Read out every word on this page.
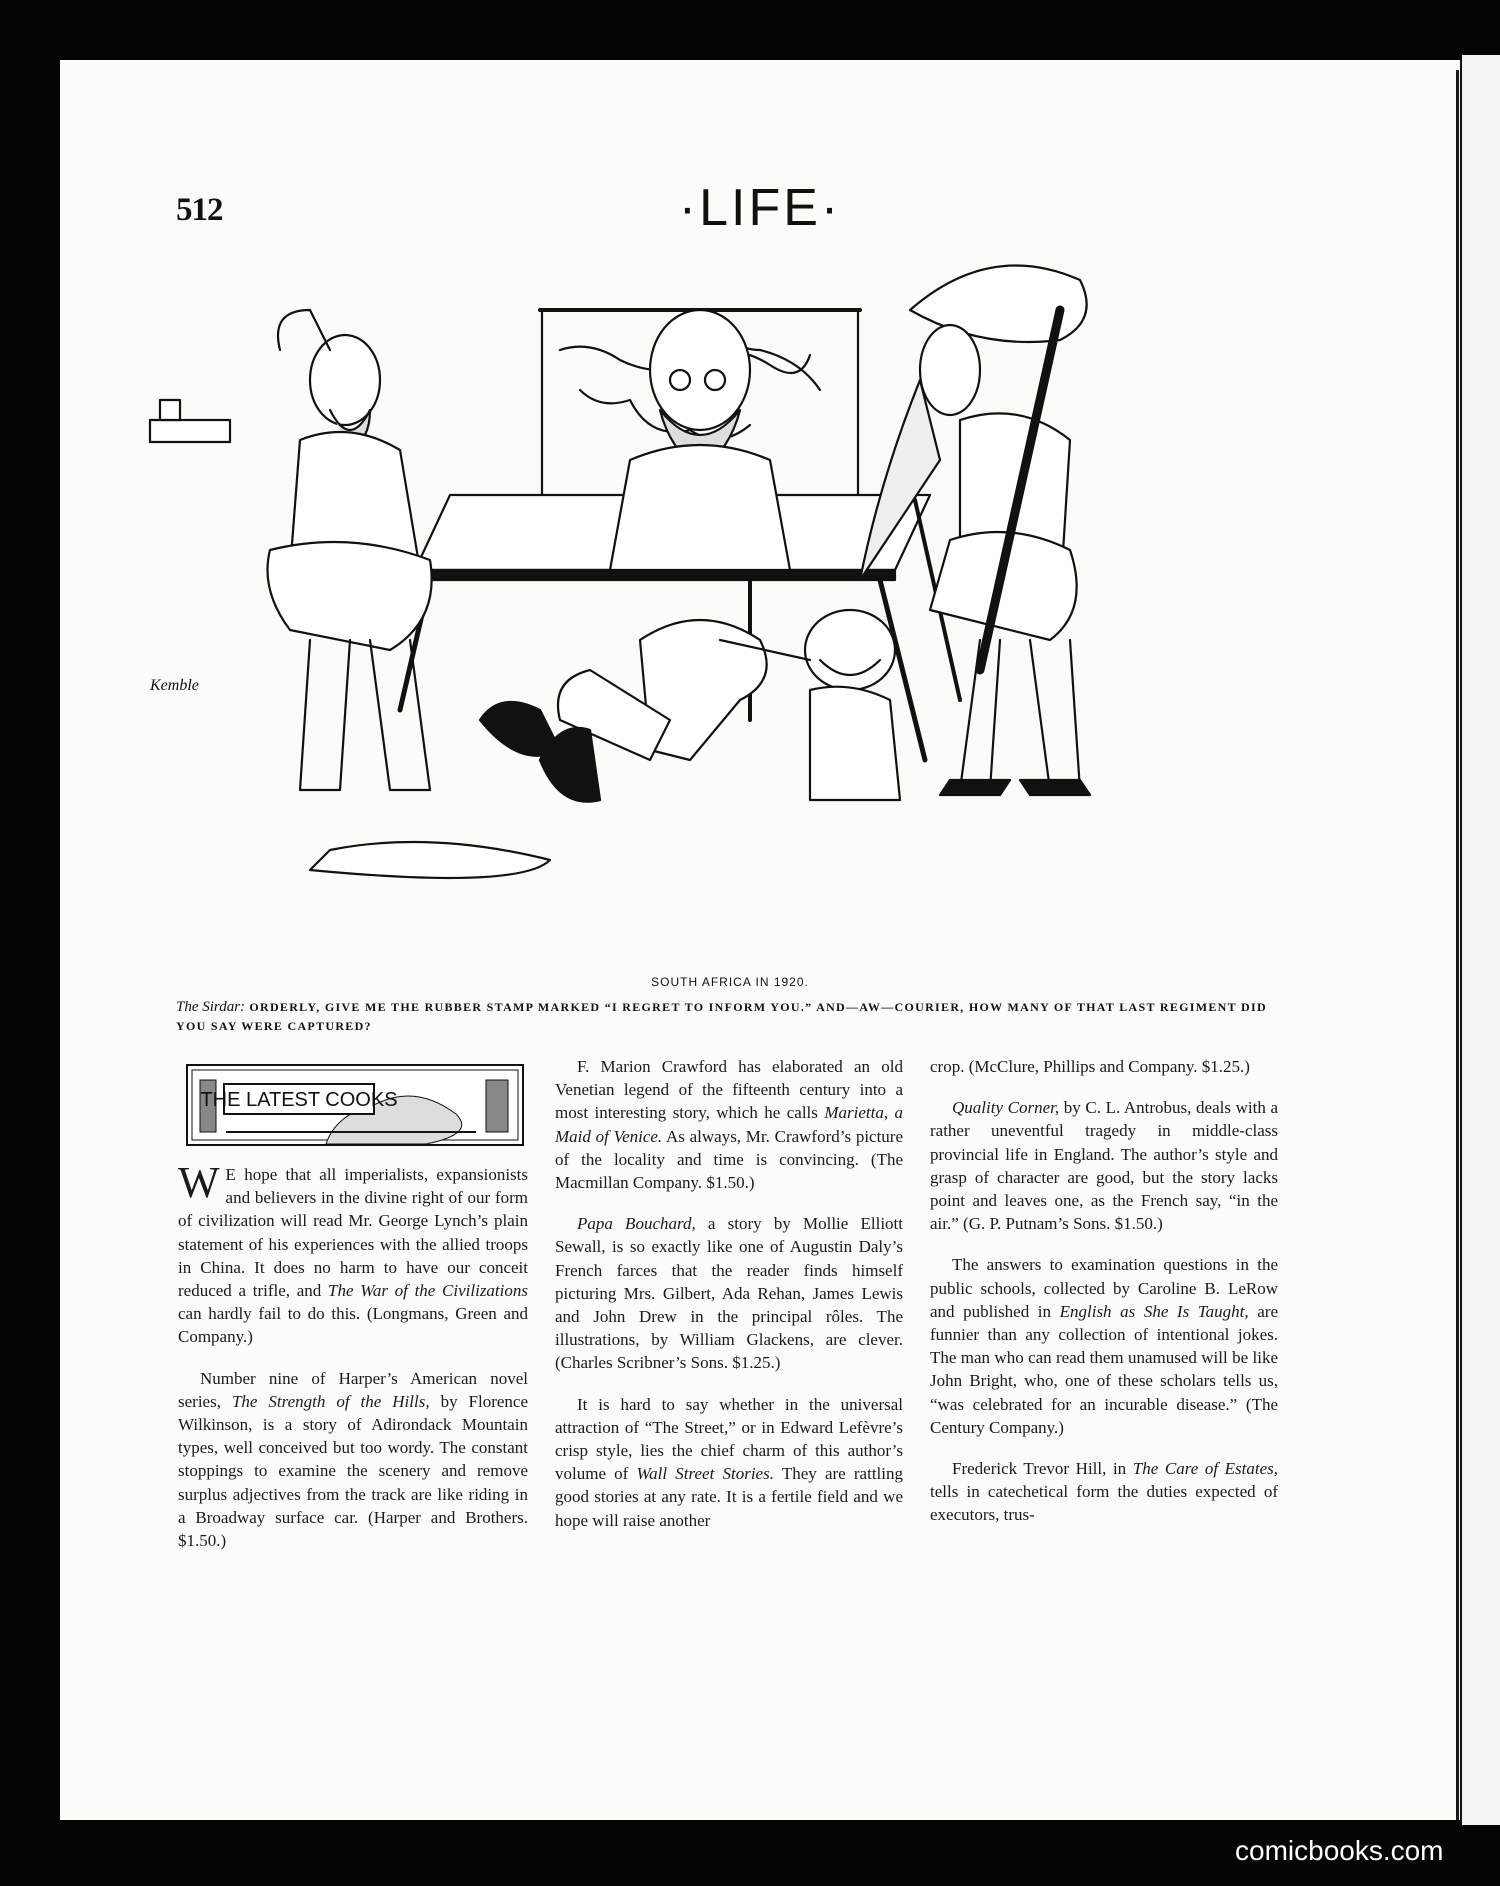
512	·LIFE·
Kemble
SOUTH AFRICA IN 1920.
The Sirdar: ORDERLY, GIVE ME THE RUBBER STAMP MARKED “I REGRET TO INFORM YOU.” AND—AW—COURIER, HOW MANY OF THAT LAST REGIMENT DID YOU SAY WERE CAPTURED?
THE LATEST COOKS

W E hope that all imperialists, expansionists and believers in the divine right of our form of civilization will read Mr. George Lynch’s plain statement of his experiences with the allied troops in China. It does no harm to have our conceit reduced a trifle, and The War of the Civilizations can hardly fail to do this. (Longmans, Green and Company.)

Number nine of Harper’s American novel series, The Strength of the Hills, by Florence Wilkinson, is a story of Adirondack Mountain types, well conceived but too wordy. The constant stoppings to examine the scenery and remove surplus adjectives from the track are like riding in a Broadway surface car. (Harper and Brothers. $1.50.)

F. Marion Crawford has elaborated an old Venetian legend of the fifteenth century into a most interesting story, which he calls Marietta, a Maid of Venice. As always, Mr. Crawford’s picture of the locality and time is convincing. (The Macmillan Company. $1.50.)

Papa Bouchard, a story by Mollie Elliott Sewall, is so exactly like one of Augustin Daly’s French farces that the reader finds himself picturing Mrs. Gilbert, Ada Rehan, James Lewis and John Drew in the principal rôles. The illustrations, by William Glackens, are clever. (Charles Scribner’s Sons. $1.25.)

It is hard to say whether in the universal attraction of “The Street,” or in Edward Lefèvre’s crisp style, lies the chief charm of this author’s volume of Wall Street Stories. They are rattling good stories at any rate. It is a fertile field and we hope will raise another

crop. (McClure, Phillips and Company. $1.25.)

Quality Corner, by C. L. Antrobus, deals with a rather uneventful tragedy in middle-class provincial life in England. The author’s style and grasp of character are good, but the story lacks point and leaves one, as the French say, “in the air.” (G. P. Putnam’s Sons. $1.50.)

The answers to examination questions in the public schools, collected by Caroline B. LeRow and published in English as She Is Taught, are funnier than any collection of intentional jokes. The man who can read them unamused will be like John Bright, who, one of these scholars tells us, “was celebrated for an incurable disease.” (The Century Company.)

Frederick Trevor Hill, in The Care of Estates, tells in catechetical form the duties expected of executors, trus-

comicbooks.com
